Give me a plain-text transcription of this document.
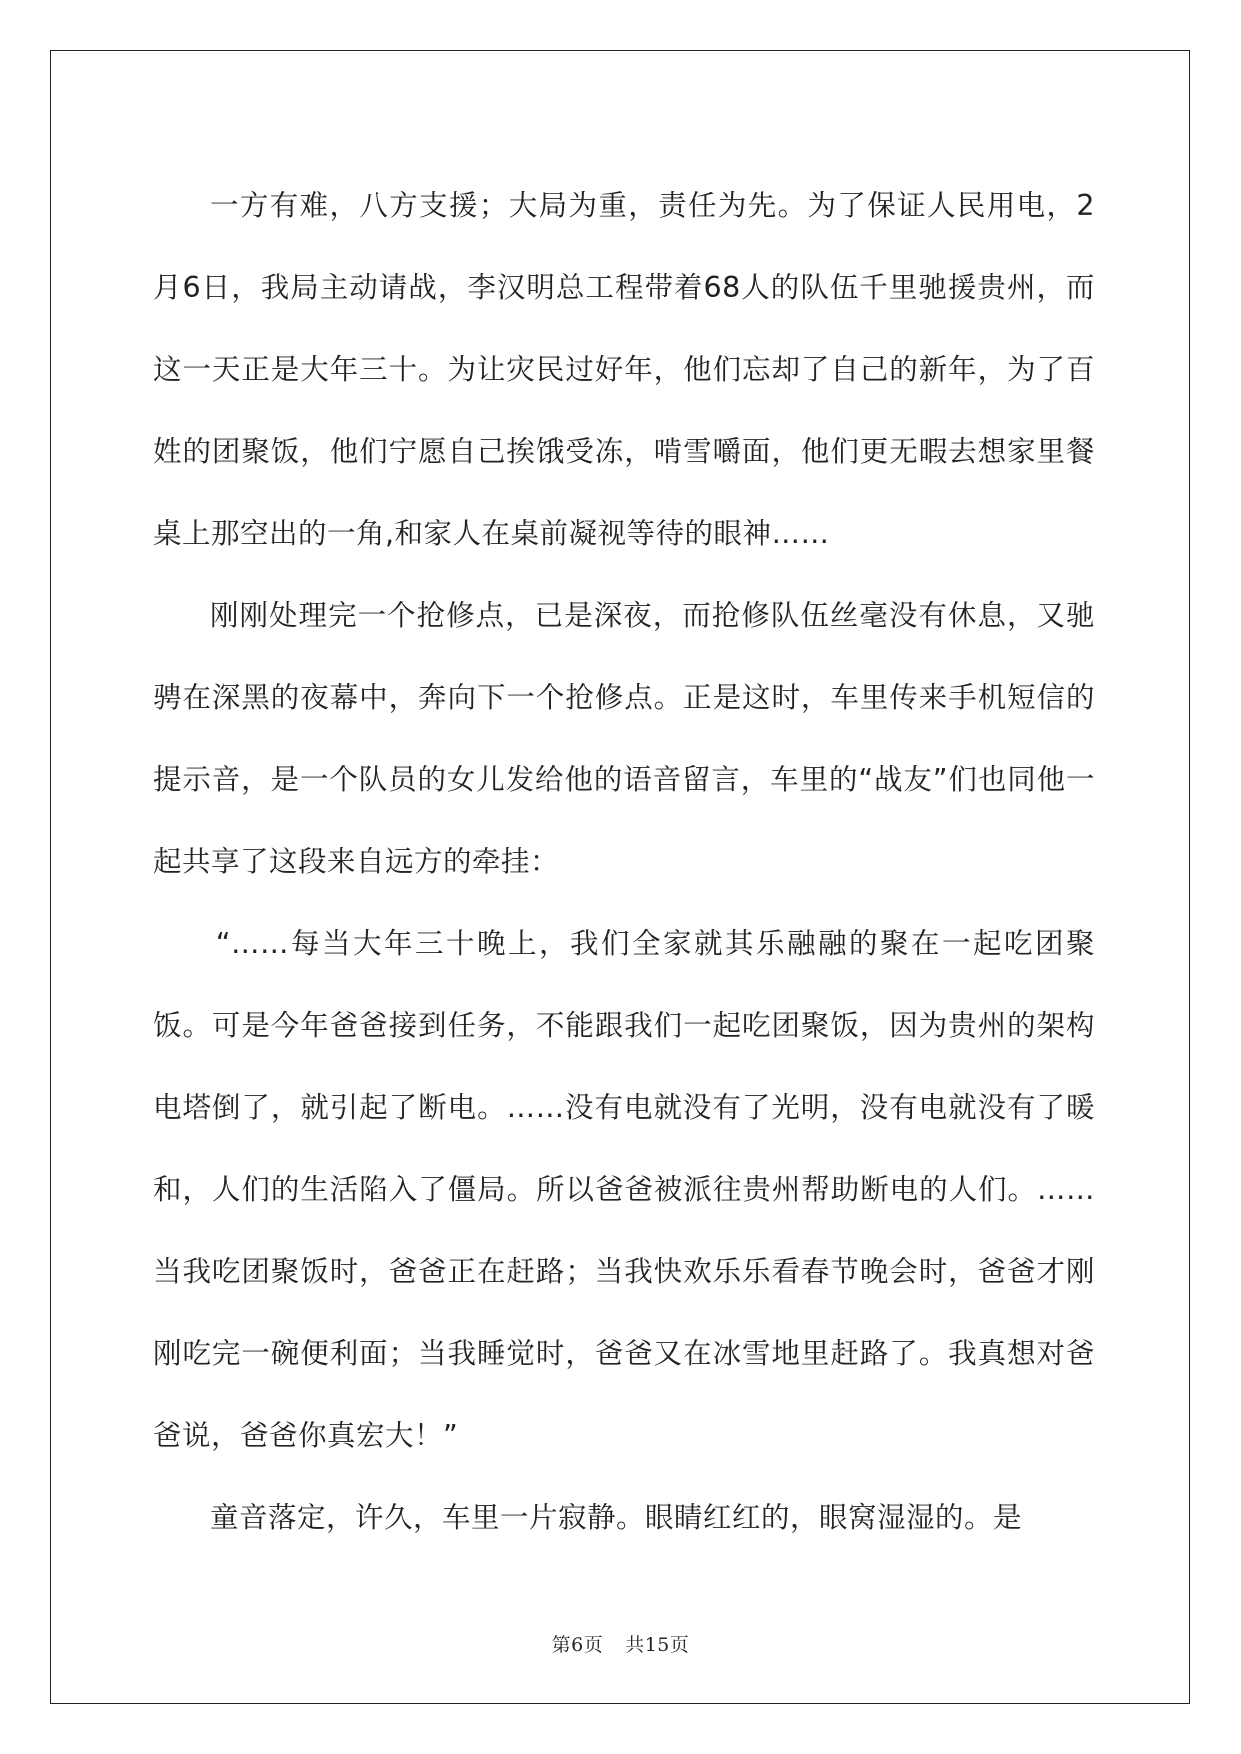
一方有难，八方支援；大局为重，责任为先。为了保证人民用电，2月6日，我局主动请战，李汉明总工程带着68人的队伍千里驰援贵州，而这一天正是大年三十。为让灾民过好年，他们忘却了自己的新年，为了百姓的团聚饭，他们宁愿自己挨饿受冻，啃雪嚼面，他们更无暇去想家里餐桌上那空出的一角,和家人在桌前凝视等待的眼神……

刚刚处理完一个抢修点，已是深夜，而抢修队伍丝毫没有休息，又驰骋在深黑的夜幕中，奔向下一个抢修点。正是这时，车里传来手机短信的提示音，是一个队员的女儿发给他的语音留言，车里的“战友”们也同他一起共享了这段来自远方的牵挂：

“……每当大年三十晚上，我们全家就其乐融融的聚在一起吃团聚饭。可是今年爸爸接到任务，不能跟我们一起吃团聚饭，因为贵州的架构电塔倒了，就引起了断电。……没有电就没有了光明，没有电就没有了暖和，人们的生活陷入了僵局。所以爸爸被派往贵州帮助断电的人们。……当我吃团聚饭时，爸爸正在赶路；当我快欢乐乐看春节晚会时，爸爸才刚刚吃完一碗便利面；当我睡觉时，爸爸又在冰雪地里赶路了。我真想对爸爸说，爸爸你真宏大！”

童音落定，许久，车里一片寂静。眼睛红红的，眼窝湿湿的。是

第6页 共15页
